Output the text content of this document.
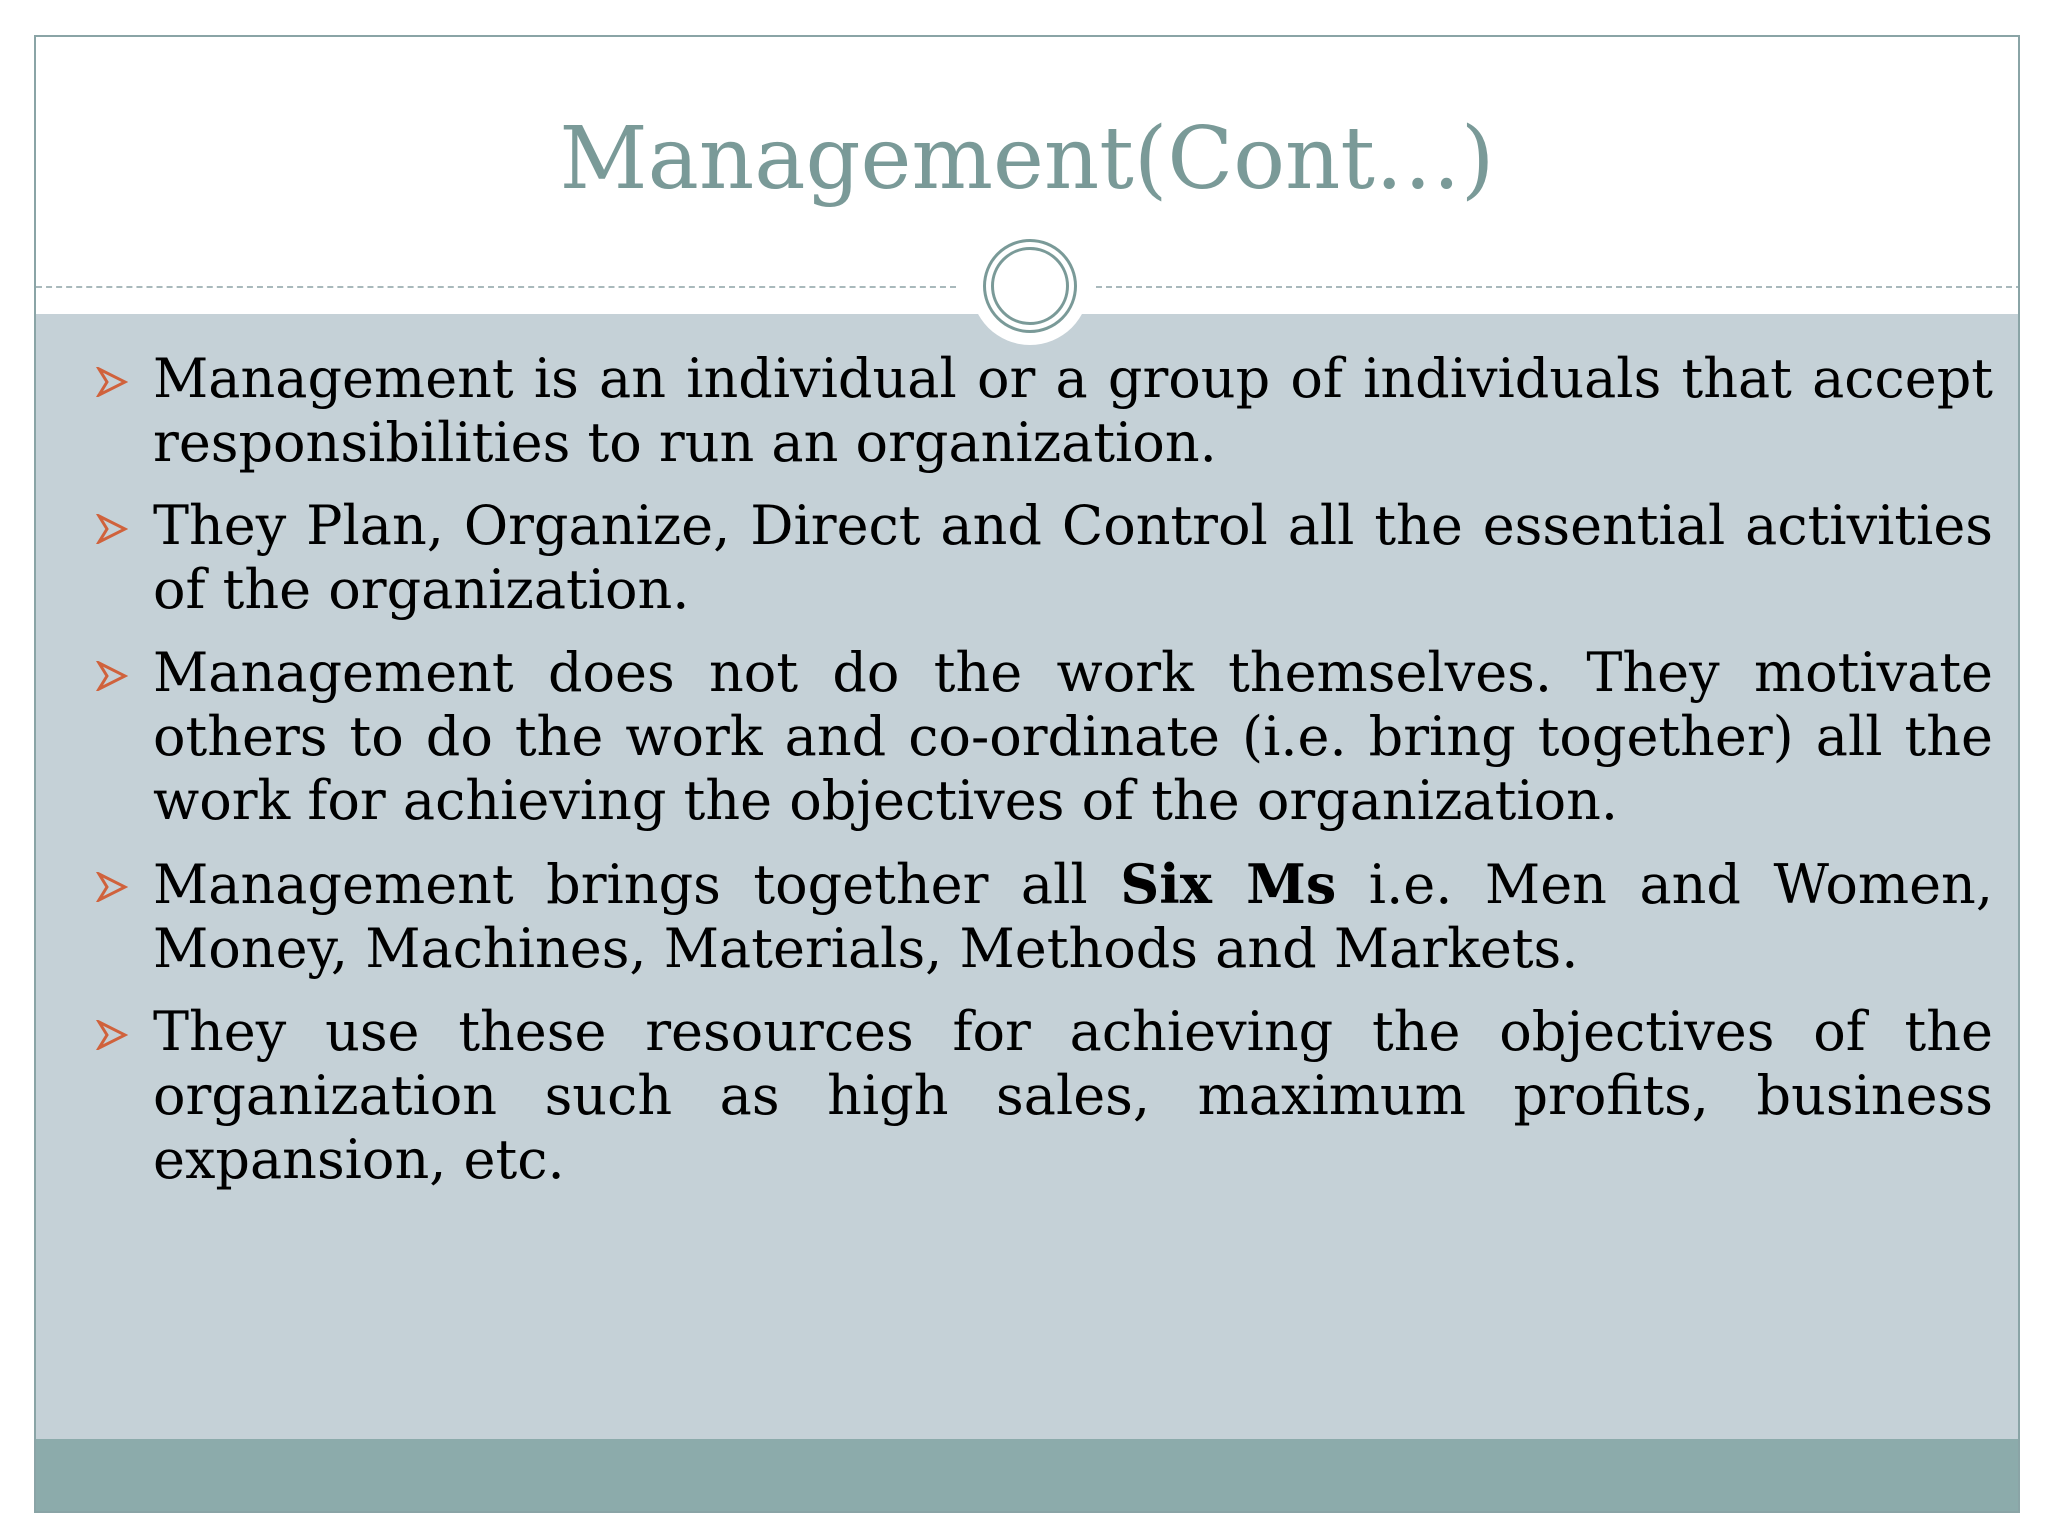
Management(Cont…)

Management is an individual or a group of individuals that accept responsibilities to run an organization.

They Plan, Organize, Direct and Control all the essential activities of the organization.

Management does not do the work themselves. They motivate others to do the work and co-ordinate (i.e. bring together) all the work for achieving the objectives of the organization.

Management brings together all Six Ms i.e. Men and Women, Money, Machines, Materials, Methods and Markets.

They use these resources for achieving the objectives of the organization such as high sales, maximum profits, business expansion, etc.
